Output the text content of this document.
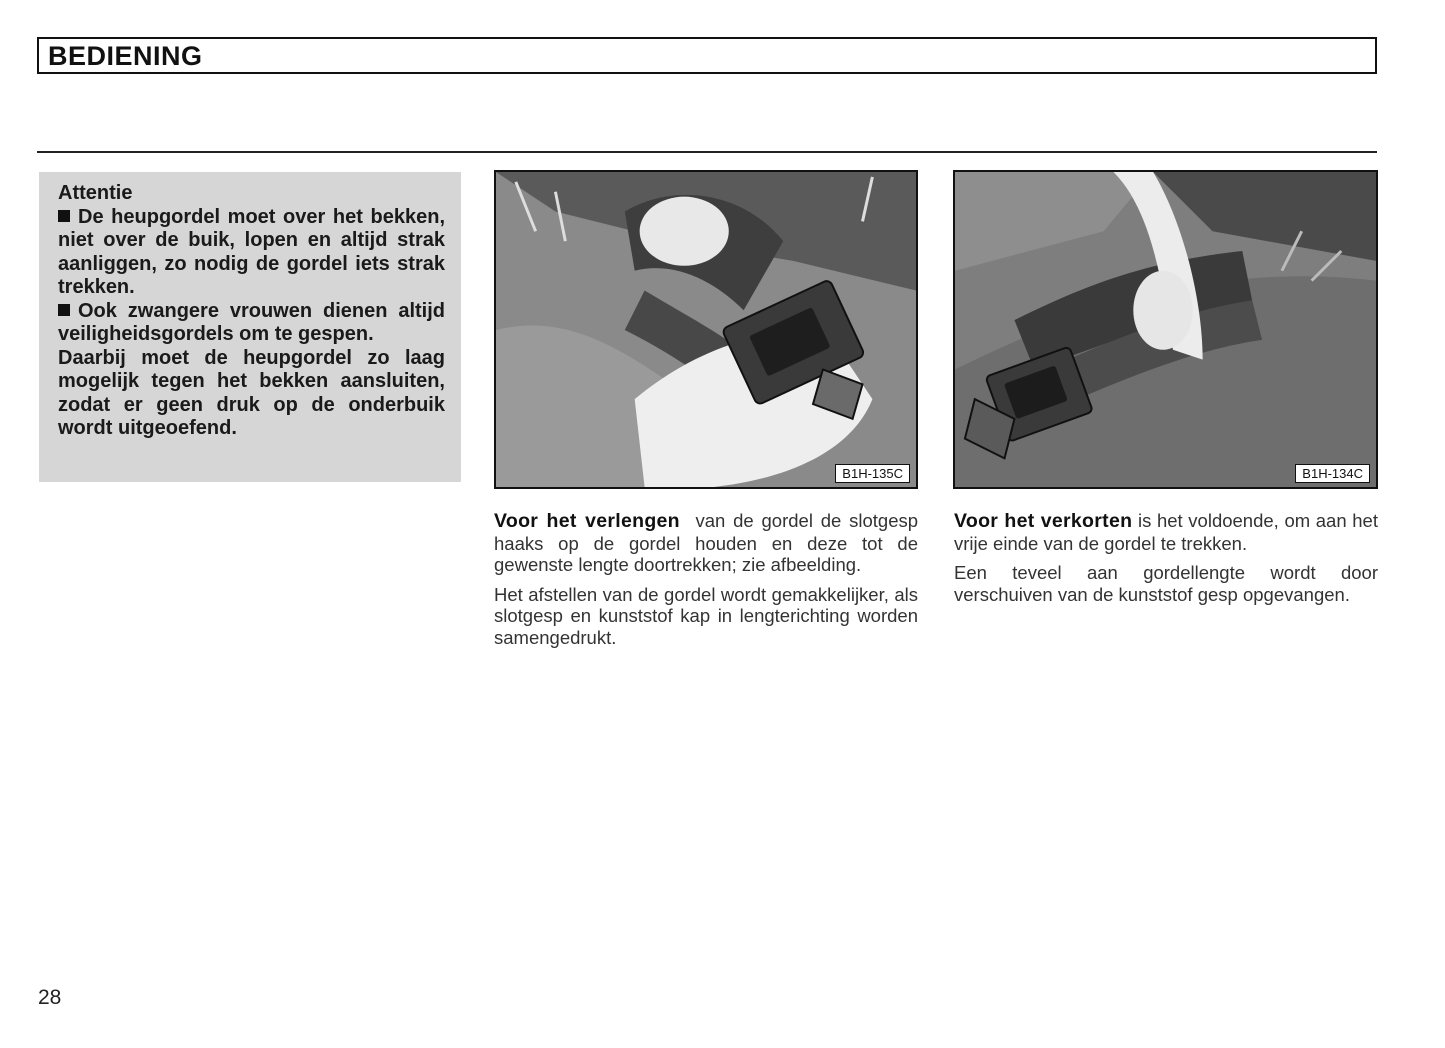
BEDIENING
Attentie

De heupgordel moet over het bekken, niet over de buik, lopen en altijd strak aanliggen, zo nodig de gordel iets strak trekken.

Ook zwangere vrouwen dienen altijd veiligheidsgordels om te gespen.

Daarbij moet de heupgordel zo laag mogelijk tegen het bekken aansluiten, zodat er geen druk op de onderbuik wordt uitgeoefend.

B1H-135C	B1H-134C

Voor het verlengen van de gordel de slotgesp haaks op de gordel houden en deze tot de gewenste lengte doortrekken; zie afbeelding.

Het afstellen van de gordel wordt gemakkelijker, als slotgesp en kunststof kap in lengterichting worden samengedrukt.

Voor het verkorten is het voldoende, om aan het vrije einde van de gordel te trekken.

Een teveel aan gordellengte wordt door verschuiven van de kunststof gesp opgevangen.

28
